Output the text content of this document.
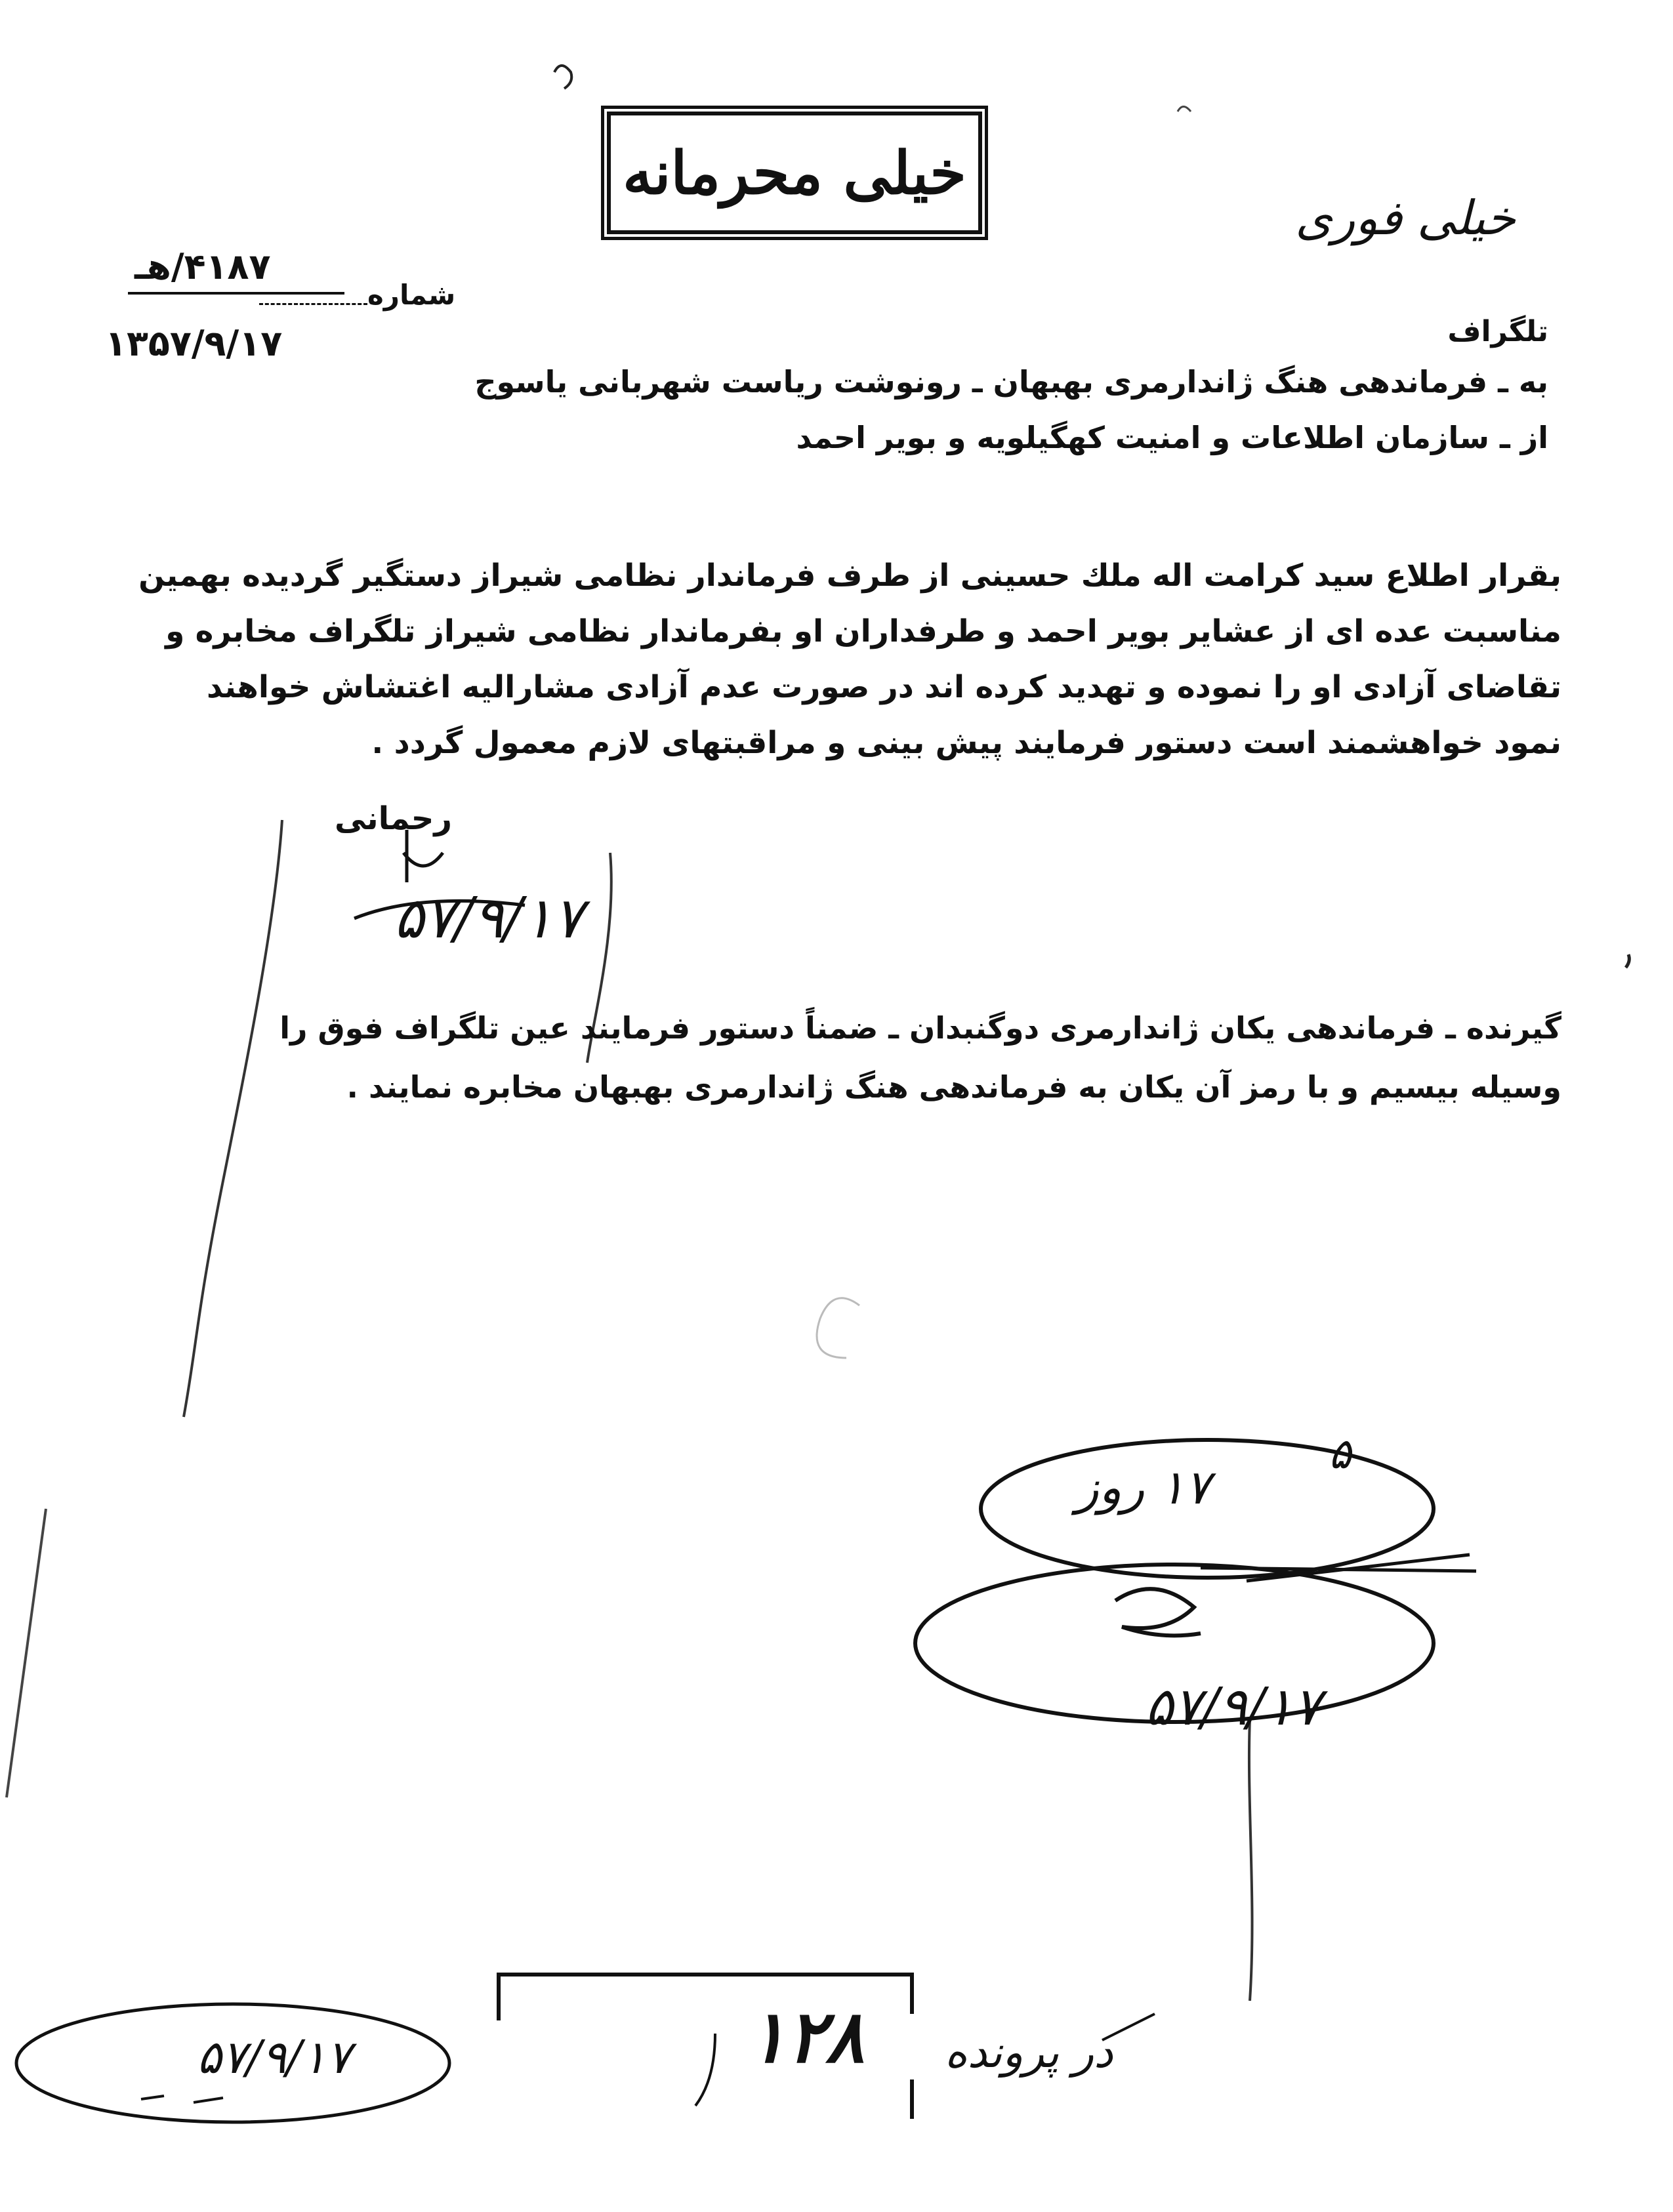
خیلی محرمانه
خیلی فوری
۴۱۸۷/هـ
شماره
۱۳۵۷/۹/۱۷	تلگراف
به ـ فرماندهی هنگ ژاندارمری بهبهان ـ رونوشت ریاست شهربانی یاسوج
از ـ سازمان اطلاعات و امنیت کهگیلویه و بویر احمد
بقرار اطلاع سید کرامت اله ملك حسینی از طرف فرماندار نظامی شیراز دستگیر گردیده بهمین
مناسبت عده ای از عشایر بویر احمد و طرفداران او بفرماندار نظامی شیراز تلگراف مخابره و
تقاضای آزادی او را نموده و تهدید کرده اند در صورت عدم آزادی مشارالیه اغتشاش خواهند
نمود خواهشمند است دستور فرمایند پیش بینی و مراقبتهای لازم معمول گردد .
رحمانی
۵۷/۹/۱۷
گیرنده ـ فرماندهی یکان ژاندارمری دوگنبدان ـ ضمناً دستور فرمایند عین تلگراف فوق را
وسیله بیسیم و با رمز آن یکان به فرماندهی هنگ ژاندارمری بهبهان مخابره نمایند .
۵
۱۷ روز
۵۷/۹/۱۷
۵۷/۹/۱۷	۱۲۸ در پرونده
